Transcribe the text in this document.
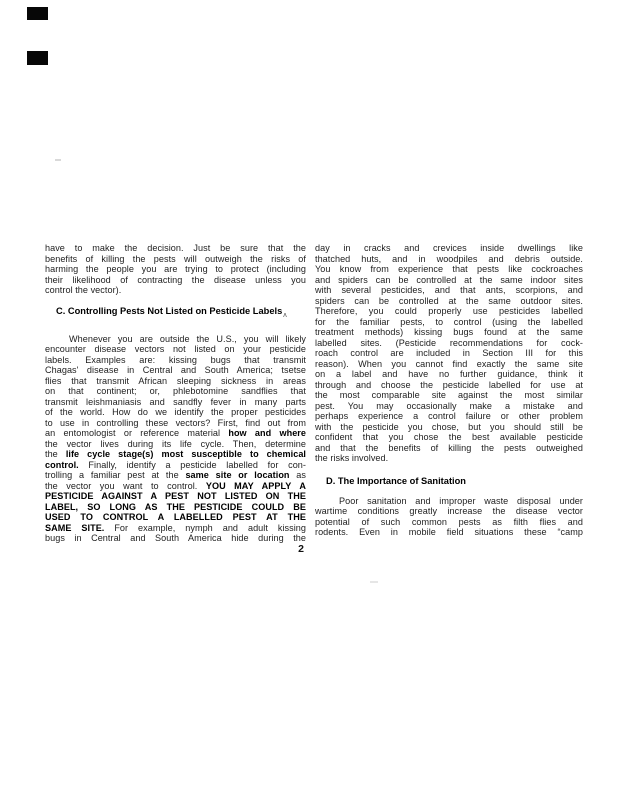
have to make the decision. Just be sure that the
benefits of killing the pests will outweigh the risks of
harming the people you are trying to protect (including
their likelihood of contracting the disease unless you
control the vector).
C. Controlling Pests Not Listed on Pesticide Labels$_ʌ$
Whenever you are outside the U.S., you will likely
encounter disease vectors not listed on your pesticide
labels. Examples are: kissing bugs that transmit
Chagas' disease in Central and South America; tsetse
flies that transmit African sleeping sickness in areas
on that continent; or, phlebotomine sandflies that
transmit leishmaniasis and sandfly fever in many parts
of the world. How do we identify the proper pesticides
to use in controlling these vectors? First, find out from
an entomologist or reference material how and where
the vector lives during its life cycle. Then, determine
the life cycle stage(s) most susceptible to chemical
control. Finally, identify a pesticide labelled for con-
trolling a familiar pest at the same site or location as
the vector you want to control. YOU MAY APPLY A
PESTICIDE AGAINST A PEST NOT LISTED ON THE
LABEL, SO LONG AS THE PESTICIDE COULD BE
USED TO CONTROL A LABELLED PEST AT THE
SAME SITE. For example, nymph and adult kissing
bugs in Central and South America hide during the
day in cracks and crevices inside dwellings like
thatched huts, and in woodpiles and debris outside.
You know from experience that pests like cockroaches
and spiders can be controlled at the same indoor sites
with several pesticides, and that ants, scorpions, and
spiders can be controlled at the same outdoor sites.
Therefore, you could properly use pesticides labelled
for the familiar pests, to control (using the labelled
treatment methods) kissing bugs found at the same
labelled sites. (Pesticide recommendations for cock-
roach control are included in Section III for this
reason). When you cannot find exactly the same site
on a label and have no further guidance, think it
through and choose the pesticide labelled for use at
the most comparable site against the most similar
pest. You may occasionally make a mistake and
perhaps experience a control failure or other problem
with the pesticide you chose, but you should still be
confident that you chose the best available pesticide
and that the benefits of killing the pests outweighed
the risks involved.
D. The Importance of Sanitation
Poor sanitation and improper waste disposal under
wartime conditions greatly increase the disease vector
potential of such common pests as filth flies and
rodents. Even in mobile field situations these “camp
2
